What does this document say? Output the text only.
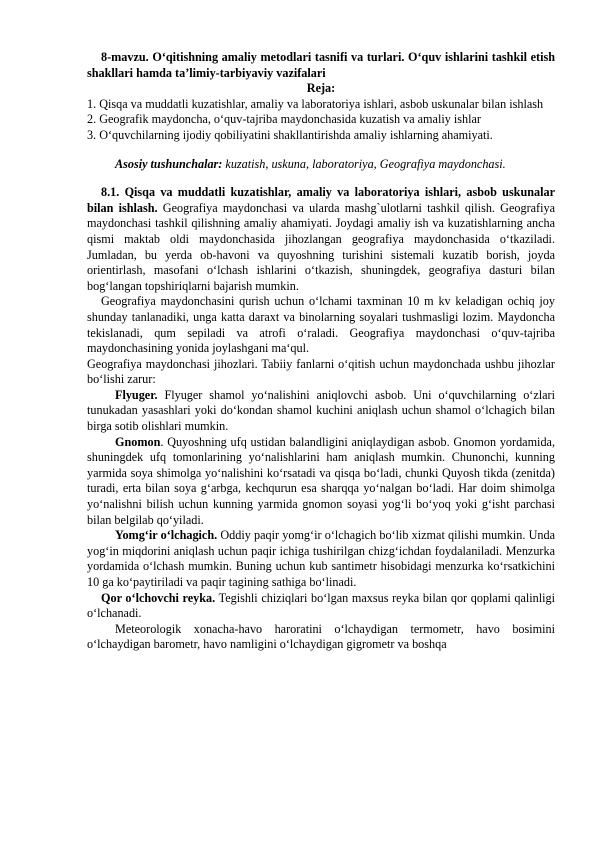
8-mavzu. O‘qitishning amaliy metodlari tasnifi va turlari. O‘quv ishlarini tashkil etish shakllari hamda ta’limiy-tarbiyaviy vazifalari

Reja:

1. Qisqa va muddatli kuzatishlar, amaliy va laboratoriya ishlari, asbob uskunalar bilan ishlash

2. Geografik maydoncha, o‘quv-tajriba maydonchasida kuzatish va amaliy ishlar

3. O‘quvchilarning ijodiy qobiliyatini shakllantirishda amaliy ishlarning ahamiyati.

Asosiy tushunchalar: kuzatish, uskuna, laboratoriya, Geografiya maydonchasi.

8.1. Qisqa va muddatli kuzatishlar, amaliy va laboratoriya ishlari, asbob uskunalar bilan ishlash. Geografiya maydonchasi va ularda mashg`ulotlarni tashkil qilish. Geografiya maydonchasi tashkil qilishning amaliy ahamiyati. Joydagi amaliy ish va kuzatishlarning ancha qismi maktab oldi maydonchasida jihozlangan geografiya maydonchasida o‘tkaziladi. Jumladan, bu yerda ob-havoni va quyoshning turishini sistemali kuzatib borish, joyda orientirlash, masofani o‘lchash ishlarini o‘tkazish, shuningdek, geografiya dasturi bilan bog‘langan topshiriqlarni bajarish mumkin.

Geografiya maydonchasini qurish uchun o‘lchami taxminan 10 m kv keladigan ochiq joy shunday tanlanadiki, unga katta daraxt va binolarning soyalari tushmasligi lozim. Maydoncha tekislanadi, qum sepiladi va atrofi o‘raladi. Geografiya maydonchasi o‘quv-tajriba maydonchasining yonida joylashgani ma‘qul.

Geografiya maydonchasi jihozlari. Tabiiy fanlarni o‘qitish uchun maydonchada ushbu jihozlar bo‘lishi zarur:

Flyuger. Flyuger shamol yo‘nalishini aniqlovchi asbob. Uni o‘quvchilarning o‘zlari tunukadan yasashlari yoki do‘kondan shamol kuchini aniqlash uchun shamol o‘lchagich bilan birga sotib olishlari mumkin.

Gnomon. Quyoshning ufq ustidan balandligini aniqlaydigan asbob. Gnomon yordamida, shuningdek ufq tomonlarining yo‘nalishlarini ham aniqlash mumkin. Chunonchi, kunning yarmida soya shimolga yo‘nalishini ko‘rsatadi va qisqa bo‘ladi, chunki Quyosh tikda (zenitda) turadi, erta bilan soya g‘arbga, kechqurun esa sharqqa yo‘nalgan bo‘ladi. Har doim shimolga yo‘nalishni bilish uchun kunning yarmida gnomon soyasi yog‘li bo‘yoq yoki g‘isht parchasi bilan belgilab qo‘yiladi.

Yomg‘ir o‘lchagich. Oddiy paqir yomg‘ir o‘lchagich bo‘lib xizmat qilishi mumkin. Unda yog‘in miqdorini aniqlash uchun paqir ichiga tushirilgan chizg‘ichdan foydalaniladi. Menzurka yordamida o‘lchash mumkin. Buning uchun kub santimetr hisobidagi menzurka ko‘rsatkichini 10 ga ko‘paytiriladi va paqir tagining sathiga bo‘linadi.

Qor o‘lchovchi reyka. Tegishli chiziqlari bo‘lgan maxsus reyka bilan qor qoplami qalinligi o‘lchanadi.

Meteorologik xonacha-havo haroratini o‘lchaydigan termometr, havo bosimini o‘lchaydigan barometr, havo namligini o‘lchaydigan gigrometr va boshqa
